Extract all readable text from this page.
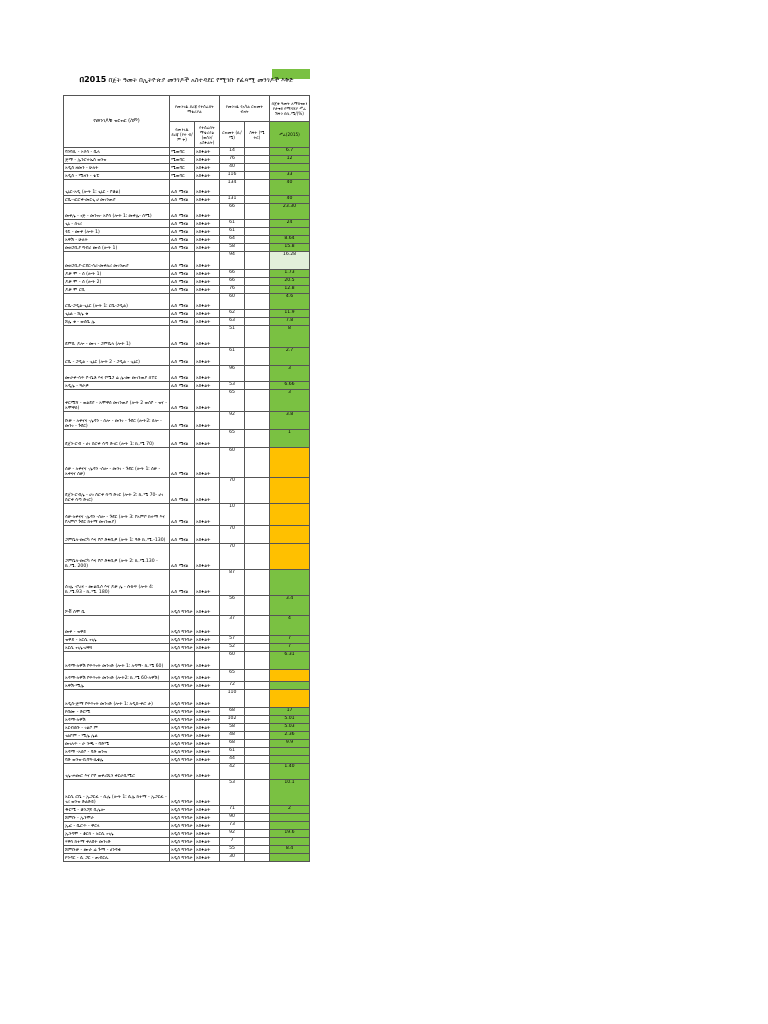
በ2015 በጀት ዓመት በኢትዮጵያ መንገዶች አስተዳደር የሚገቡ የፈጻሚ መንገዶች እቅድ
የመንገዶቹ ዝርዝር (ስም)	የመንገዱ ደረጃ የተሰራበት ማቴሪያል		የመንገዱ የአካል ርዝመት ብዛት		በጀቱ ዓመት ለማከናወን የታቀደ የማሻሻያ ሥራ ሽፋን በኪ.ሜ/(%)
	የመንገዱ ደረጃ (የተ ብ/ም ቅ)	የተሰራበት ማቴሪያል (ወሰን/አስፋልት)	ርዝመት (ኪ/ሜ)	ስፋት (ሜ ትር)	ሥራ(2015)
ባንባሲ - ኦሶሳ - ቤላ	ሜጠባር	አስፋልት	14		6.7
ጅማ - ኢንሮተኤስ ወንዝ	ሜጠባር	አስፋልት	76		12
አዲስ ዘመን - ሁለት	ሜጠባር	አስፋልት	40		
አዲስ - ሚዛን - ቴፒ	ሜጠባር	አስፋልት	116		33
ጊኒር-አዲ (ሎት 1፡ ጊኒር - ቦቆል)	ሊስ ሚናል	አስፋልት	134		40
ሮቤ-ገርሮቀ-መርጊ ሀ መገንጠያ	ሊስ ሚናል	አስፋልት	131		40
መቀሌ - ነጅ - መንዝ- አቦሳ (ሎት 1፡ መቀሌ- ሰሚ)	ሊስ ሚናል	አስፋልት	66		23.30
ጊኒ - ሰገሪ	ሊስ ሚናል	አስፋልት	61		24
ጎዴ - ሙቀ (ሎት 1)	ሊስ ሚናል	አስፋልት	61		
አዋሽ - ሁለት	ሊስ ሚናል	አስፋልት	64		8.64
መዘጋቢያ ግብሪ ሙሰ (ሎት 1)	ሊስ ሚናል	አስፋልት	58		15.8
መዘጋቢያ-ሮደር-ሳሪ-መቀለሪ መገንጠያ	ሊስ ሚናል	አስፋልት	94		16.28
ዶቃ ሞ - ሰ (ሎት 1)	ሊስ ሚናል	አስፋልት	66		1.73
ዶቃ ሞ - ሰ (ሎት 2)	ሊስ ሚናል	አስፋልት	66		20.5
ዶቃ ሞ ሮቢ	ሊስ ሚናል	አስፋልት	76		12.8
ሮቤ-ጋዲል-ጊኒር (ሎት 1፡ ሮቤ-ጋዲል)	ሊስ ሚናል	አስፋልት	60		4.6
ጊኒል - ሸሌ ቱ	ሊስ ሚናል	አስፋልት	62		11.9
ሸሌ ቱ - ወሰቤ ሌ	ሊስ ሚናል	አስፋልት	63		7.8
ደምቢ ዶሎ - ሙገ - ጋምቤላ (ሎት 1)	ሊስ ሚናል	አስፋልት	51		8
ሮቤ - ጋዲል - ጊኒር (ሎት 2 - ጋዲል - ጊኒር)	ሊስ ሚናል	አስፋልት	61		2.7
ሙራቀ-ሳጥ ቦ-ቤቶ እና የሜጋ ሬ ሌ-ሙ መገንጠያ ሰፐር	ሊስ ሚናል	አስፋልት	96		3
አዲሌ - ዓራዎ	ሊስ ሚናል	አስፋልት	53		6.66
ቀርሚሻ - ወልደያ - አሞዋሰ መገንጠያ (ሎት 2 ወሰቦ - ዝና - አሞዋሰ)	ሊስ ሚናል	አስፋልት	65		3
ቡቃ - አቀናና -ሌዳን - ሰሎ - መንገ - ጉደር (ሎት2፡ ሰሎ - መንገ - ጉደር)	ሊስ ሚናል	አስፋልት	92		3.8
ደጀን-ሮብ - ሀገ ስሮቀ ሳጣ ድገር (ሎት 1፡ ኪ.ሜ 70)	ሊስ ሚናል	አስፋልት	65		1
ሰቃ - አቀናና -ሌዳን -ሰሎ - መንገ - ጉደር (ሎት 1፡ ሰቃ - አቀናና ሰቃ)	ሊስ ሚናል	አስፋልት	60		
ደጀን-ሮብሌ - ሀገ ስሮቀ ሳጣ ድገር (ሎት 2፡ ኪ.ሜ 70- ሀገ ስሮቀ ሳጣ ድገር)	ሊስ ሚናል	አስፋልት	70		
ሳቃ-አቀናና -ሌዳን -ሰሎ - ጉደር (ሎት 3፡ የአምቦ ከተማ እና የአምቦ ጉደር ከተማ መገንጠያ)	ሊስ ሚናል	አስፋልት	10		
ጋምቤላ-መሮካ እና ቦቦ ድፋቢዎ (ሎት 1፡ ዓድ ኪ.ሜ.-130)	ሊስ ሚናል	አስፋልት	70		
ጋምቤላ-መሮካ እና ቦቦ ድፋቢዎ (ሎት 2፡ ኪ.ሜ.130 - ኪ.ሜ. 200)	ሊስ ሚናል	አስፋልት	70		
ሰገሌ -ቦረና - ሙልቢሶ እና ዶቃ ሌ - ሱኩፍ (ሎት 4፡ ኪ.ሜ.93 - ኪ.ሜ. 180)	ሊስ ሚናል	አስፋልት	87		
ሾቭ ሰሞ ቤ	አዲስ ግንባታ	አስፋልት	56		3.4
መቀ - ዝዋይ	አዲስ ግንባታ	አስፋልት	37		4
ዝዋይ - አርሲ ነገሌ	አዲስ ግንባታ	አስፋልት	57		7
አርሲ ነገሌ-ሀዋሳ	አዲስ ግንባታ	አስፋልት	52		7
አዳማ-አዋሽ የፍጥነት መንገድ (ሎት 1፡ አዳማ- ኪ.ሜ 60)	አዲስ ግንባታ	አስፋልት	60		6.31
አዳማ-አዋሽ የፍጥነት መንገድ (ሎት2፡ ኪ.ሜ 60-አዋሽ)	አዲስ ግንባታ	አስፋልት	65		
አዋሽ-ሚሌ	አዲስ ግንባታ	አስፋልት	72		
አዲስ-ጅማ የፍጥነት መንገድ (ሎት 1፡ አዲስ-ቀሮ ታ)	አዲስ ግንባታ	አስፋልት	110		
ኮበሙ - ድርሚ	አዲስ ግንባታ	አስፋልት	68		17
አዳማ-አዋሽ	አዲስ ግንባታ	አስፋልት	102		5.01
አርብሰቡ - ገልቦ ም	አዲስ ግንባታ	አስፋልት	58		5.03
ገልቦም - ሚሌ ሌል	አዲስ ግንባታ	አስፋልት	48		2.36
መገለጥ - ራ ንጫ - ባድሜ	አዲስ ግንባታ	አስፋልት	68		9.9
አዳማ -አሰቦ - ባድ ወንዝ	አዲስ ግንባታ	አስፋልት	61		
ባድ ወንዝ-ቢባዓ-ሴቄሌ	አዲስ ግንባታ	አስፋልት	44		
ገሌ-ሐመሮ እና ቦቦ ወቀሪሺን ቀርራቢሚሮ	አዲስ ግንባታ	አስፋልት	42		1.40
አርሲ ሮቤ - ኢጋርፈ - ሲሌ (ሎት 1፡ ሲሌ ከተማ - ኢጋርፈ - ገሪ ወንዝ ድልድይ)	አዲስ ግንባታ	አስፋልት	53		10.1
ዱርሜ - ቆንጋጆ ቢሌሎ	አዲስ ግንባታ	አስፋልት	71		2
ሸምቡ - ኢንሞራ	አዲስ ግንባታ	አስፋልት	90		
ኢፎ - ቤሮጥ - ዋርላ	አዲስ ግንባታ	አስፋልት	73		
ኢንዳሞ - ቆርሳ - አርሲ ነገሌ	አዲስ ግንባታ	አስፋልት	92		19.6
ሃዋሳ ከተማ ቀለበት መንገድ	አዲስ ግንባታ	አስፋልት	7		
ሸምቡቃ - ሙራ ሬ ጉማ - ሀንዳቁ	አዲስ ግንባታ	አስፋልት	55		8.4
ኮንዳር - ሲ ጋር - ጠብርሊ	አዲስ ግንባታ	አስፋልት	30		
